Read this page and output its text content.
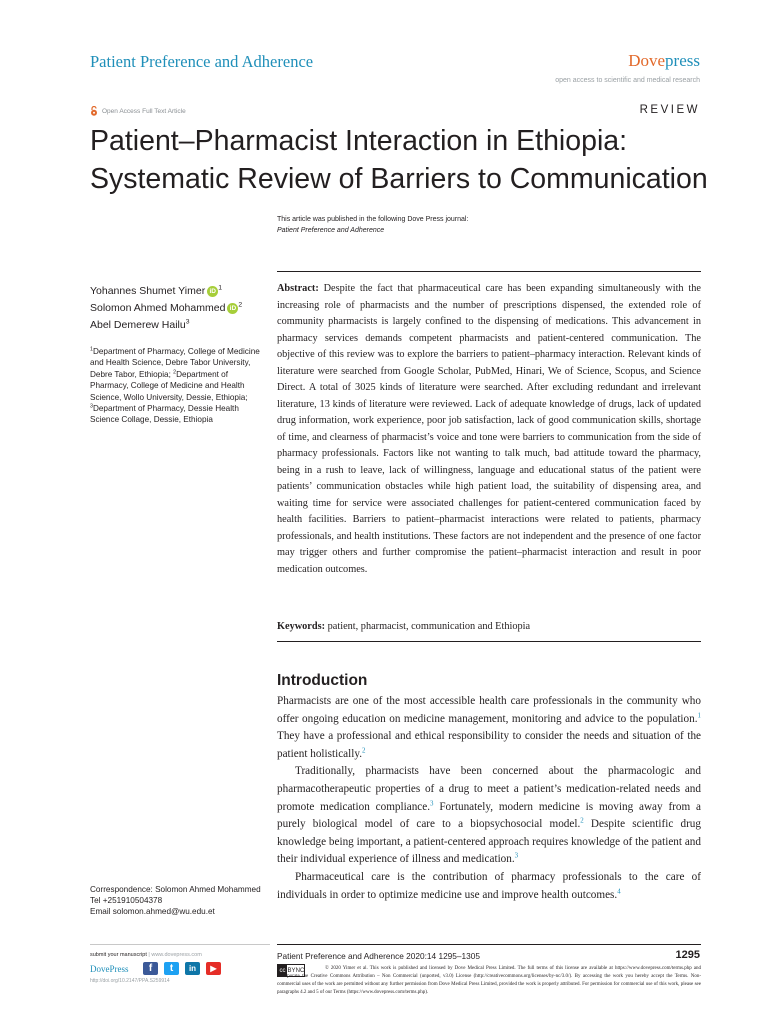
Patient Preference and Adherence	Dovepress
open access to scientific and medical research
Open Access Full Text Article	REVIEW
Patient–Pharmacist Interaction in Ethiopia:
Systematic Review of Barriers to Communication
This article was published in the following Dove Press journal:
Patient Preference and Adherence
Yohannes Shumet Yimer iD $^1$
Solomon Ahmed Mohammed iD $^2$
Abel Demerew Hailu$^3$
$^1$Department of Pharmacy, College of Medicine and Health Science, Debre Tabor University, Debre Tabor, Ethiopia; $^2$Department of Pharmacy, College of Medicine and Health Science, Wollo University, Dessie, Ethiopia; $^3$Department of Pharmacy, Dessie Health Science Collage, Dessie, Ethiopia
Correspondence: Solomon Ahmed Mohammed
Tel +251910504378
Email solomon.ahmed@wu.edu.et
Abstract: Despite the fact that pharmaceutical care has been expanding simultaneously with the increasing role of pharmacists and the number of prescriptions dispensed, the extended role of community pharmacists is largely confined to the dispensing of medications. This advancement in pharmacy services demands competent pharmacists and patient-centered communication. The objective of this review was to explore the barriers to patient–pharmacy interaction. Relevant kinds of literature were searched from Google Scholar, PubMed, Hinari, We of Science, Scopus, and Science Direct. A total of 3025 kinds of literature were searched. After excluding redundant and irrelevant literature, 13 kinds of literature were reviewed. Lack of adequate knowledge of drugs, lack of updated drug information, work experience, poor job satisfaction, lack of good communication skills, shortage of time, and clearness of pharmacist’s voice and tone were barriers to communication from the side of pharmacy professionals. Factors like not wanting to talk much, bad attitude toward the pharmacy, being in a rush to leave, lack of willingness, language and educational status of the patient were patients’ communication obstacles while high patient load, the suitability of dispensing area, and waiting time for service were associated challenges for patient-centered communication faced by health facilities. Barriers to patient–pharmacist interactions were related to patients, pharmacy professionals, and health institutions. These factors are not independent and the presence of one factor may trigger others and further compromise the patient–pharmacist interaction and result in poor medication outcomes.
Keywords: patient, pharmacist, communication and Ethiopia
Introduction

Pharmacists are one of the most accessible health care professionals in the community who offer ongoing education on medicine management, monitoring and advice to the population.$^1$ They have a professional and ethical responsibility to consider the needs and situation of the patient holistically.$^2$

Traditionally, pharmacists have been concerned about the pharmacologic and pharmacotherapeutic properties of a drug to meet a patient’s medication-related needs and promote medication compliance.$^3$ Fortunately, modern medicine is moving away from a purely biological model of care to a biopsychosocial model.$^2$ Despite scientific drug knowledge being important, a patient-centered approach requires knowledge of the patient and their individual experience of illness and medication.$^3$

Pharmaceutical care is the contribution of pharmacy professionals to the care of individuals in order to optimize medicine use and improve health outcomes.$^4$

submit your manuscript | www.dovepress.com
DovePress
http://doi.org/10.2147/PPA.S259914
f	t	in	▶
Patient Preference and Adherence 2020:14 1295–1305	1295
cc BY NC	© 2020 Yimer et al. This work is published and licensed by Dove Medical Press Limited. The full terms of this license are available at https://www.dovepress.com/terms.php and incorporate the Creative Commons Attribution – Non Commercial (unported, v3.0) License (http://creativecommons.org/licenses/by-nc/3.0/). By accessing the work you hereby accept the Terms. Non-commercial uses of the work are permitted without any further permission from Dove Medical Press Limited, provided the work is properly attributed. For permission for commercial use of this work, please see paragraphs 4.2 and 5 of our Terms (https://www.dovepress.com/terms.php).
